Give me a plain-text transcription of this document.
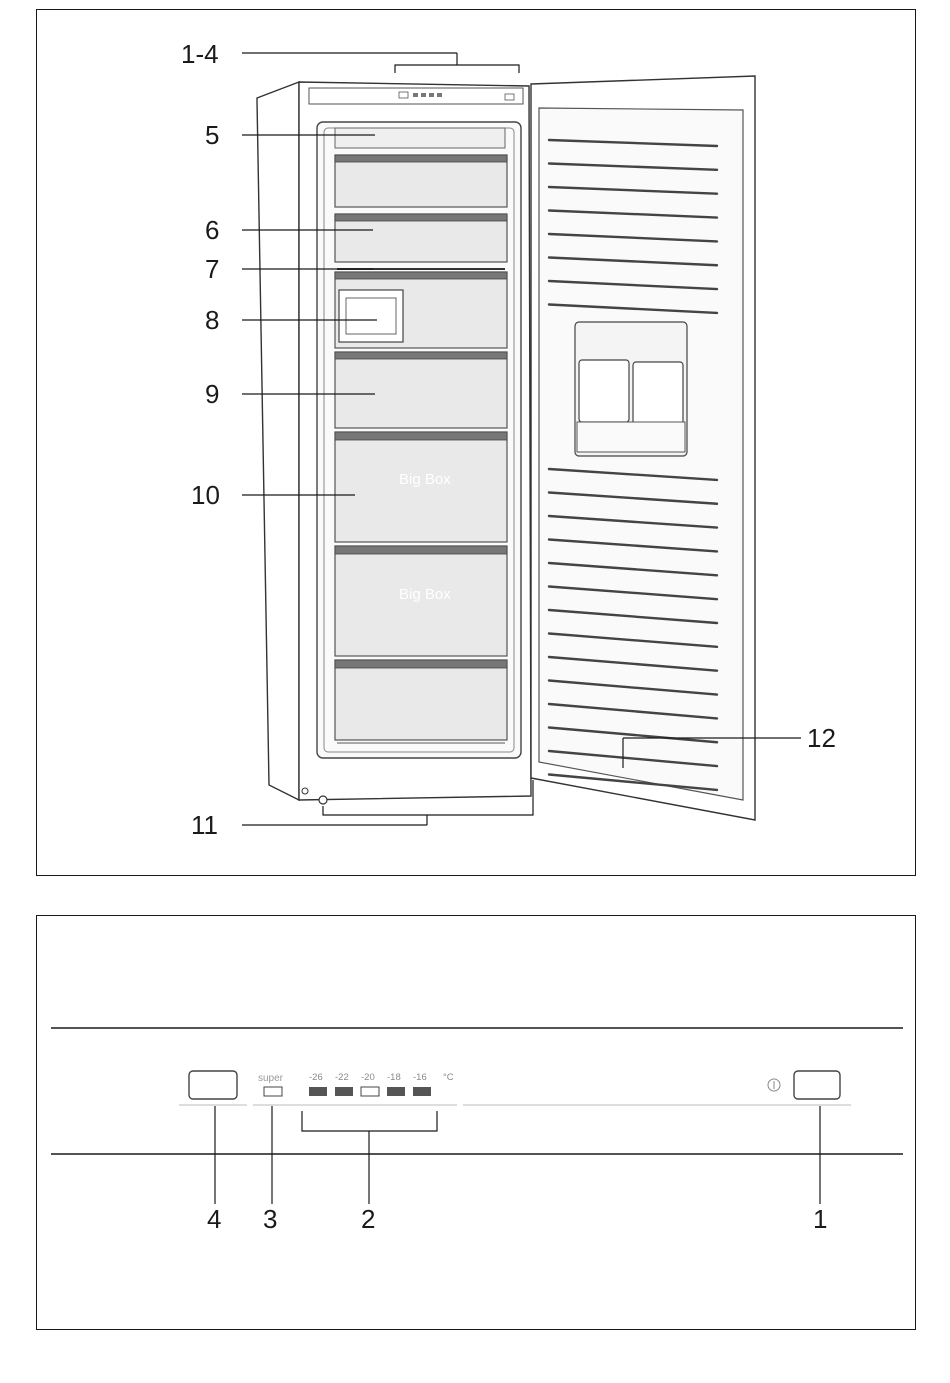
Big Box
Big Box
1-4
5
6
7
8
9
10
11
12
super	-26 -22 -20 -18 -16 °C
4 3	2	1
